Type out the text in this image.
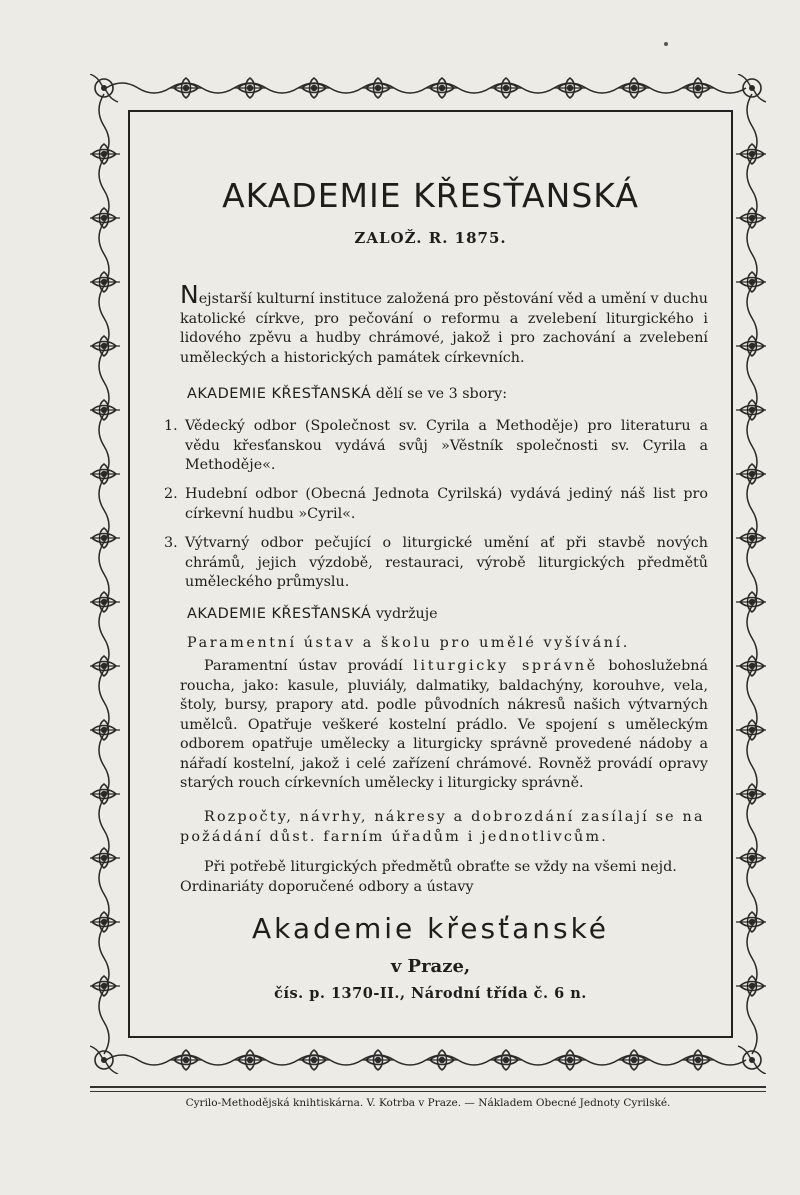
AKADEMIE KŘESŤANSKÁ
ZALOŽ. R. 1875.
Nejstarší kulturní instituce založená pro pěstování věd a umění v duchu katolické církve, pro pečování o reformu a zvelebení liturgického i lidového zpěvu a hudby chrámové, jakož i pro zachování a zvelebení uměleckých a historických památek církevních.
AKADEMIE KŘESŤANSKÁ dělí se ve 3 sbory:
1. Vědecký odbor (Společnost sv. Cyrila a Methoděje) pro literaturu a vědu křesťanskou vydává svůj »Věstník společnosti sv. Cyrila a Methoděje«.
2. Hudební odbor (Obecná Jednota Cyrilská) vydává jediný náš list pro církevní hudbu »Cyril«.
3. Výtvarný odbor pečující o liturgické umění ať při stavbě nových chrámů, jejich výzdobě, restauraci, výrobě liturgických předmětů uměleckého průmyslu.
AKADEMIE KŘESŤANSKÁ vydržuje
Paramentní ústav a školu pro umělé vyšívání.
Paramentní ústav provádí liturgicky správně bohoslužebná roucha, jako: kasule, pluviály, dalmatiky, baldachýny, korouhve, vela, štoly, bursy, prapory atd. podle původních nákresů našich výtvarných umělců. Opatřuje veškeré kostelní prádlo. Ve spojení s uměleckým odborem opatřuje umělecky a liturgicky správně provedené nádoby a nářadí kostelní, jakož i celé zařízení chrámové. Rovněž provádí opravy starých rouch církevních umělecky i liturgicky správně.
Rozpočty, návrhy, nákresy a dobrozdání zasílají se na požádání důst. farním úřadům i jednotlivcům.
Při potřebě liturgických předmětů obraťte se vždy na všemi nejd. Ordinariáty doporučené odbory a ústavy
Akademie křesťanské
v Praze,
čís. p. 1370-II., Národní třída č. 6 n.
Cyrilo-Methodějská knihtiskárna. V. Kotrba v Praze. — Nákladem Obecné Jednoty Cyrilské.
